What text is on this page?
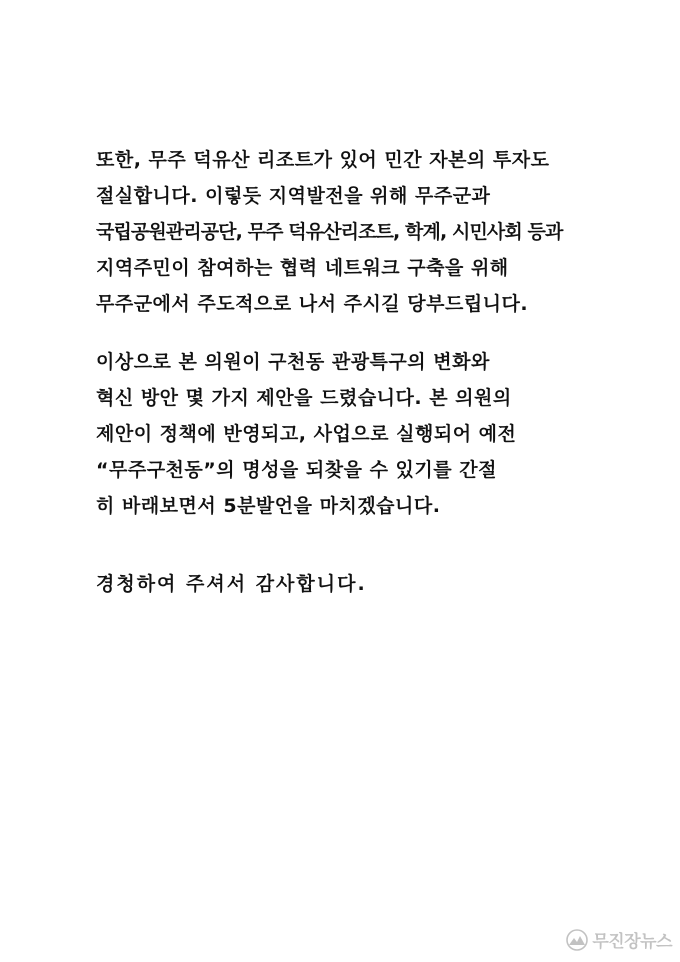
또한, 무주 덕유산 리조트가 있어 민간 자본의 투자도
절실합니다. 이렇듯 지역발전을 위해 무주군과
국립공원관리공단, 무주 덕유산리조트, 학계, 시민사회 등과
지역주민이 참여하는 협력 네트워크 구축을 위해
무주군에서 주도적으로 나서 주시길 당부드립니다.
이상으로 본 의원이 구천동 관광특구의 변화와
혁신 방안 몇 가지 제안을 드렸습니다. 본 의원의
제안이 정책에 반영되고, 사업으로 실행되어 예전
“무주구천동”의 명성을 되찾을 수 있기를 간절
히 바래보면서 5분발언을 마치겠습니다.
경청하여 주셔서 감사합니다.
무진장뉴스
